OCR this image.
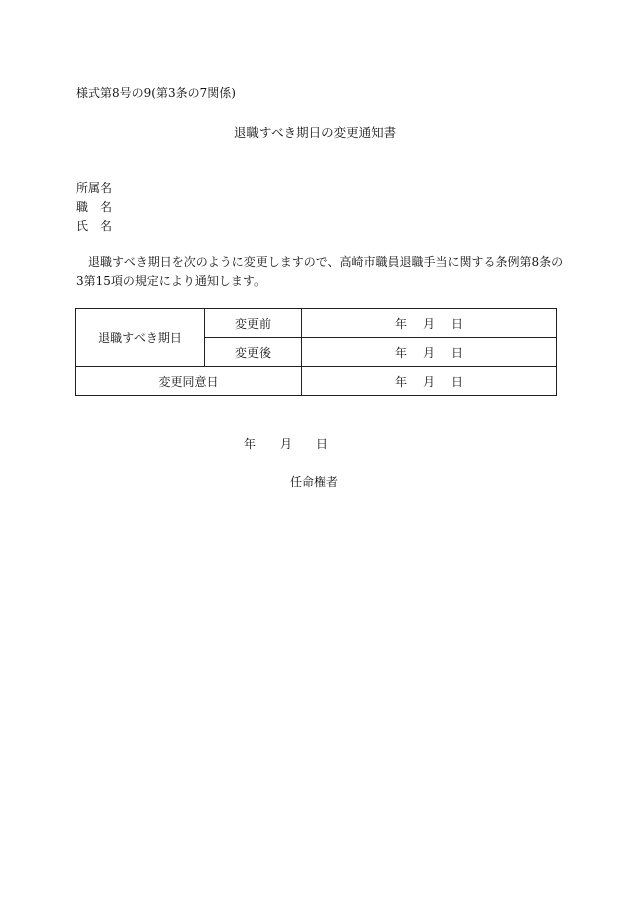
様式第8号の9(第3条の7関係)
退職すべき期日の変更通知書
所属名
職　名
氏　名
退職すべき期日を次のように変更しますので、高崎市職員退職手当に関する条例第8条の
3第15項の規定により通知します。
退職すべき期日	変更前	年 月 日
	変更後	年 月 日
変更同意日		年 月 日
年 月 日
任命権者
